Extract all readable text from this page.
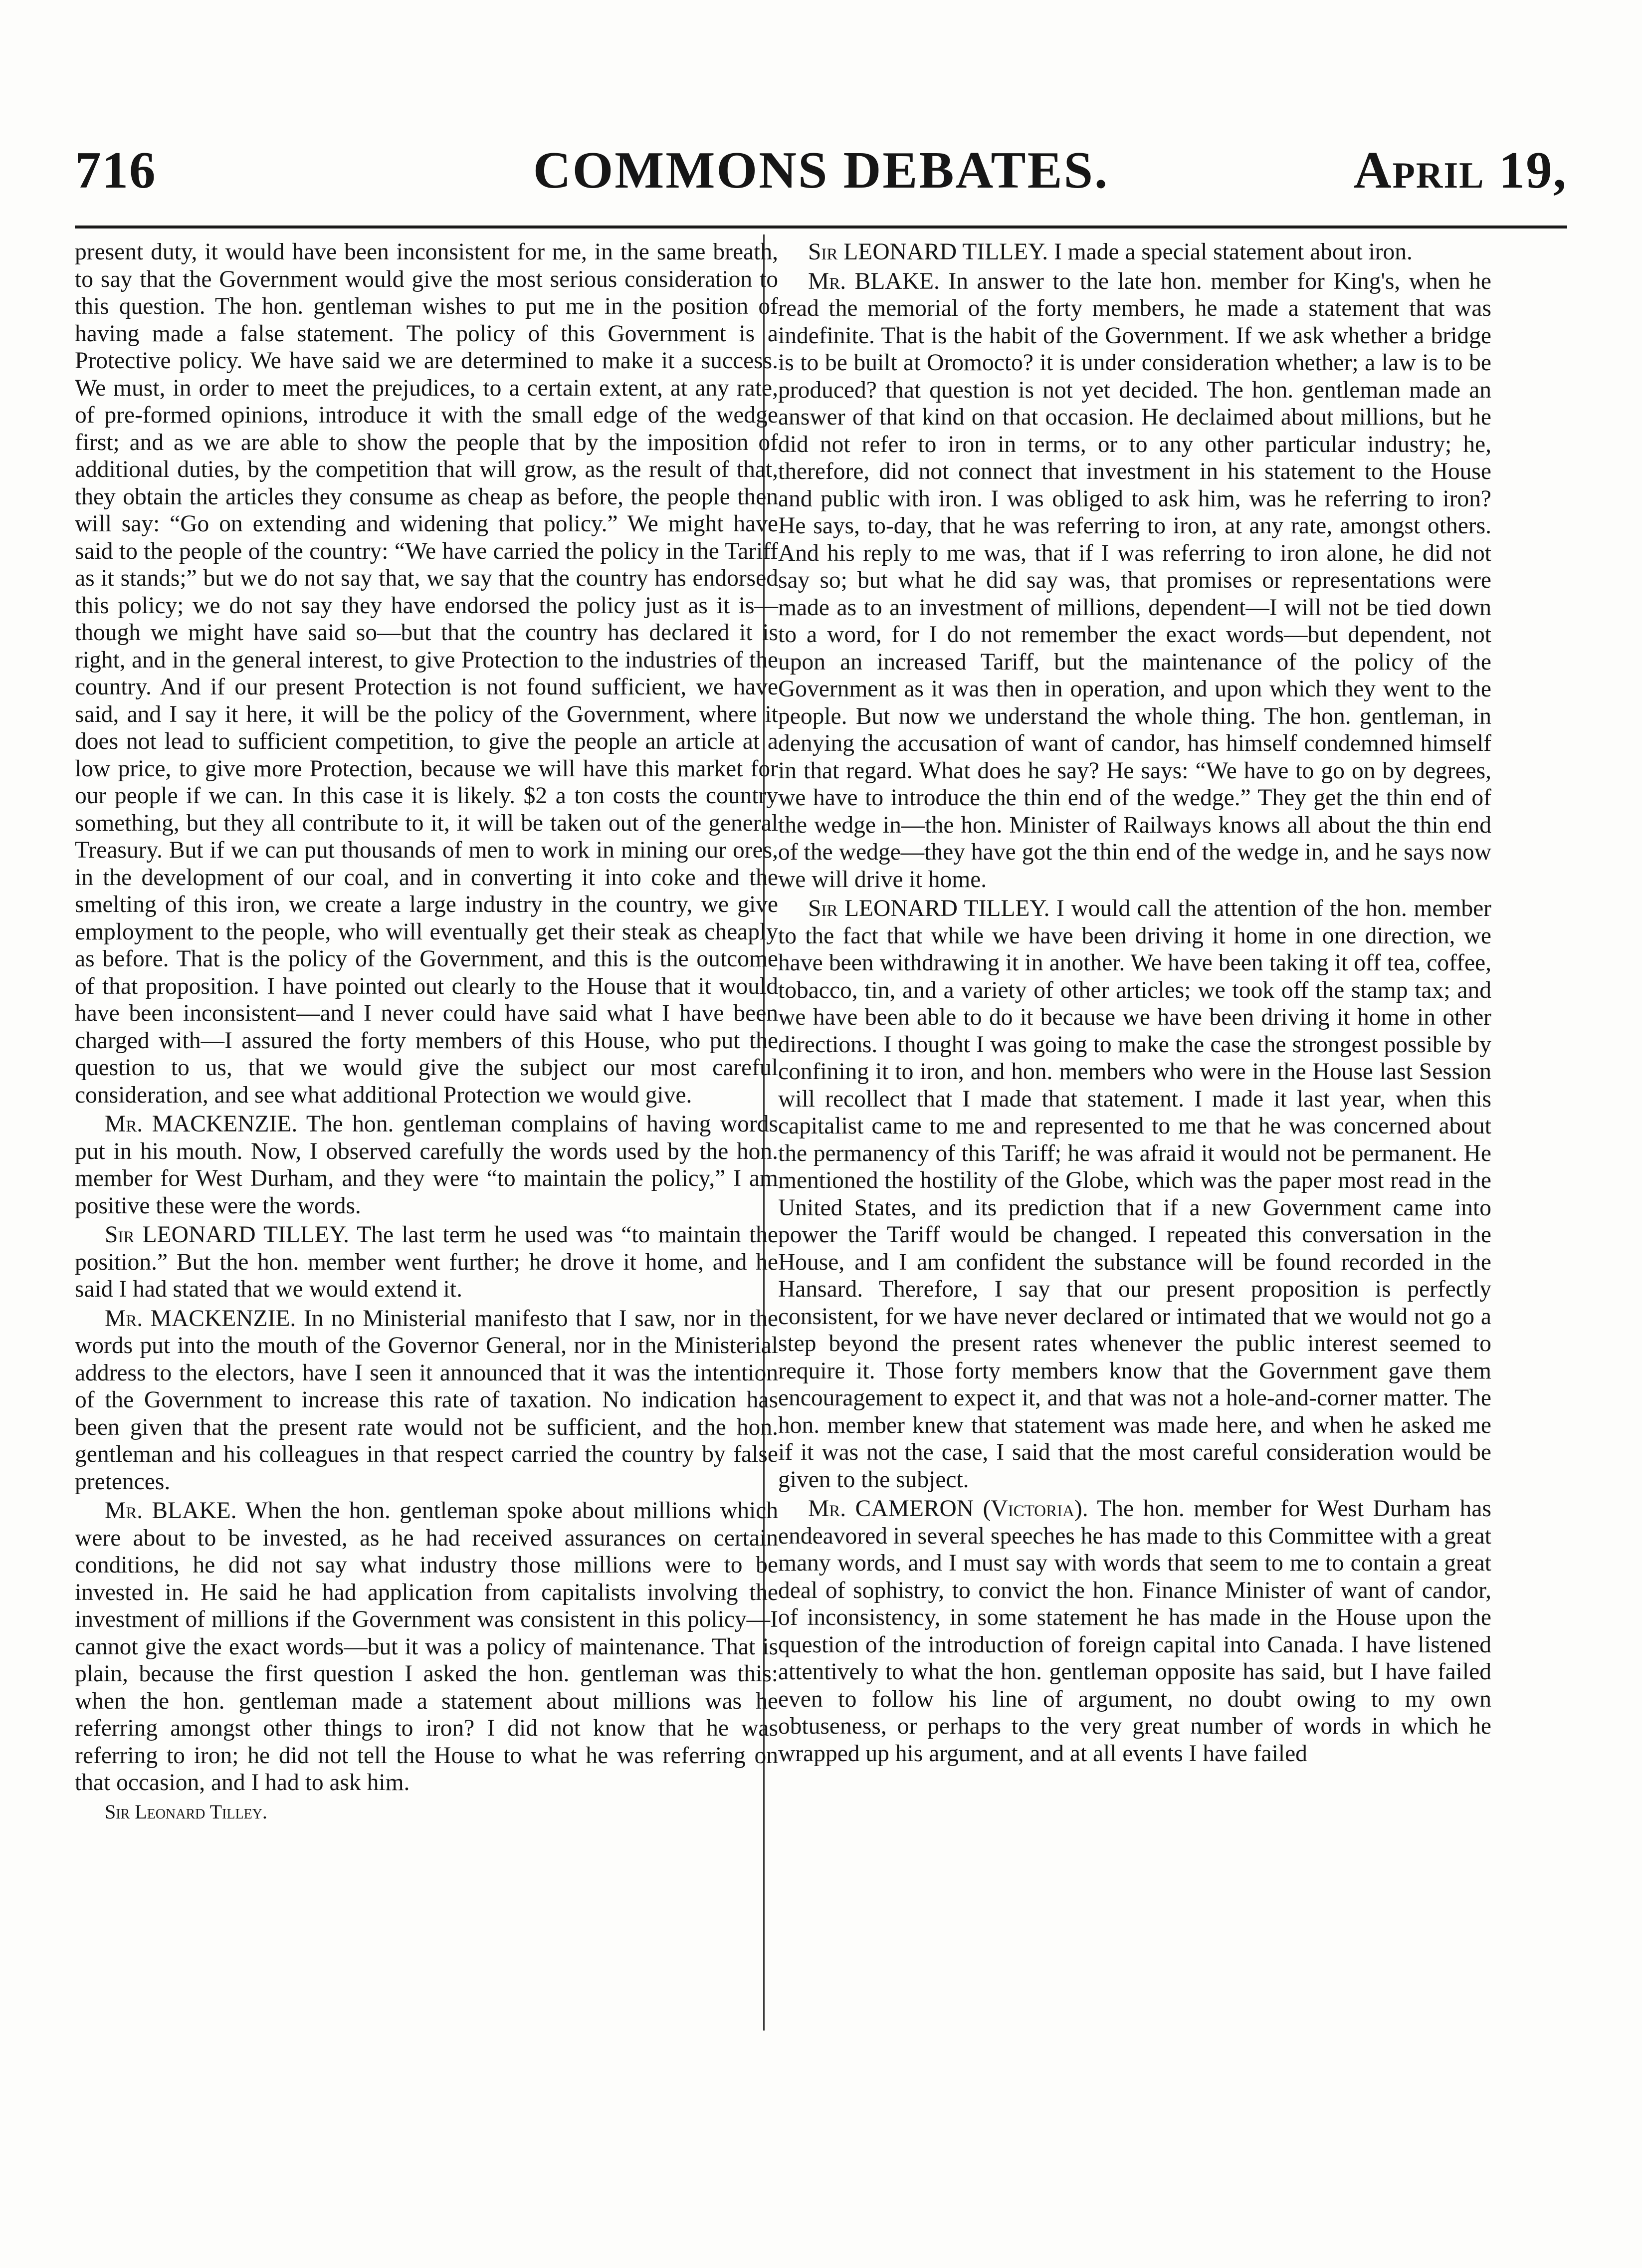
716	COMMONS DEBATES.	April 19,

present duty, it would have been inconsistent for me, in the same breath, to say that the Government would give the most serious consideration to this question. The hon. gentleman wishes to put me in the position of having made a false statement. The policy of this Government is a Protective policy. We have said we are determined to make it a success. We must, in order to meet the prejudices, to a certain extent, at any rate, of pre-formed opinions, introduce it with the small edge of the wedge first; and as we are able to show the people that by the imposition of additional duties, by the competition that will grow, as the result of that, they obtain the articles they consume as cheap as before, the people then will say: “Go on extending and widening that policy.” We might have said to the people of the country: “We have carried the policy in the Tariff as it stands;” but we do not say that, we say that the country has endorsed this policy; we do not say they have endorsed the policy just as it is—though we might have said so—but that the country has declared it is right, and in the general interest, to give Protection to the industries of the country. And if our present Protection is not found sufficient, we have said, and I say it here, it will be the policy of the Government, where it does not lead to sufficient competition, to give the people an article at a low price, to give more Protection, because we will have this market for our people if we can. In this case it is likely. $2 a ton costs the country something, but they all contribute to it, it will be taken out of the general Treasury. But if we can put thousands of men to work in mining our ores, in the development of our coal, and in converting it into coke and the smelting of this iron, we create a large industry in the country, we give employment to the people, who will eventually get their steak as cheaply as before. That is the policy of the Government, and this is the outcome of that proposition. I have pointed out clearly to the House that it would have been inconsistent—and I never could have said what I have been charged with—I assured the forty members of this House, who put the question to us, that we would give the subject our most careful consideration, and see what additional Protection we would give.

Mr. MACKENZIE. The hon. gentleman complains of having words put in his mouth. Now, I observed carefully the words used by the hon. member for West Durham, and they were “to maintain the policy,” I am positive these were the words.

Sir LEONARD TILLEY. The last term he used was “to maintain the position.” But the hon. member went further; he drove it home, and he said I had stated that we would extend it.

Mr. MACKENZIE. In no Ministerial manifesto that I saw, nor in the words put into the mouth of the Governor General, nor in the Ministerial address to the electors, have I seen it announced that it was the intention of the Government to increase this rate of taxation. No indication has been given that the present rate would not be sufficient, and the hon. gentleman and his colleagues in that respect carried the country by false pretences.

Mr. BLAKE. When the hon. gentleman spoke about millions which were about to be invested, as he had received assurances on certain conditions, he did not say what industry those millions were to be invested in. He said he had application from capitalists involving the investment of millions if the Government was consistent in this policy—I cannot give the exact words—but it was a policy of maintenance. That is plain, because the first question I asked the hon. gentleman was this: when the hon. gentleman made a statement about millions was he referring amongst other things to iron? I did not know that he was referring to iron; he did not tell the House to what he was referring on that occasion, and I had to ask him.

Sir Leonard Tilley.

Sir LEONARD TILLEY. I made a special statement about iron.

Mr. BLAKE. In answer to the late hon. member for King's, when he read the memorial of the forty members, he made a statement that was indefinite. That is the habit of the Government. If we ask whether a bridge is to be built at Oromocto? it is under consideration whether; a law is to be produced? that question is not yet decided. The hon. gentleman made an answer of that kind on that occasion. He declaimed about millions, but he did not refer to iron in terms, or to any other particular industry; he, therefore, did not connect that investment in his statement to the House and public with iron. I was obliged to ask him, was he referring to iron? He says, to-day, that he was referring to iron, at any rate, amongst others. And his reply to me was, that if I was referring to iron alone, he did not say so; but what he did say was, that promises or representations were made as to an investment of millions, dependent—I will not be tied down to a word, for I do not remember the exact words—but dependent, not upon an increased Tariff, but the maintenance of the policy of the Government as it was then in operation, and upon which they went to the people. But now we understand the whole thing. The hon. gentleman, in denying the accusation of want of candor, has himself condemned himself in that regard. What does he say? He says: “We have to go on by degrees, we have to introduce the thin end of the wedge.” They get the thin end of the wedge in—the hon. Minister of Railways knows all about the thin end of the wedge—they have got the thin end of the wedge in, and he says now we will drive it home.

Sir LEONARD TILLEY. I would call the attention of the hon. member to the fact that while we have been driving it home in one direction, we have been withdrawing it in another. We have been taking it off tea, coffee, tobacco, tin, and a variety of other articles; we took off the stamp tax; and we have been able to do it because we have been driving it home in other directions. I thought I was going to make the case the strongest possible by confining it to iron, and hon. members who were in the House last Session will recollect that I made that statement. I made it last year, when this capitalist came to me and represented to me that he was concerned about the permanency of this Tariff; he was afraid it would not be permanent. He mentioned the hostility of the Globe, which was the paper most read in the United States, and its prediction that if a new Government came into power the Tariff would be changed. I repeated this conversation in the House, and I am confident the substance will be found recorded in the Hansard. Therefore, I say that our present proposition is perfectly consistent, for we have never declared or intimated that we would not go a step beyond the present rates whenever the public interest seemed to require it. Those forty members know that the Government gave them encouragement to expect it, and that was not a hole-and-corner matter. The hon. member knew that statement was made here, and when he asked me if it was not the case, I said that the most careful consideration would be given to the subject.

Mr. CAMERON (Victoria). The hon. member for West Durham has endeavored in several speeches he has made to this Committee with a great many words, and I must say with words that seem to me to contain a great deal of sophistry, to convict the hon. Finance Minister of want of candor, of inconsistency, in some statement he has made in the House upon the question of the introduction of foreign capital into Canada. I have listened attentively to what the hon. gentleman opposite has said, but I have failed even to follow his line of argument, no doubt owing to my own obtuseness, or perhaps to the very great number of words in which he wrapped up his argument, and at all events I have failed
